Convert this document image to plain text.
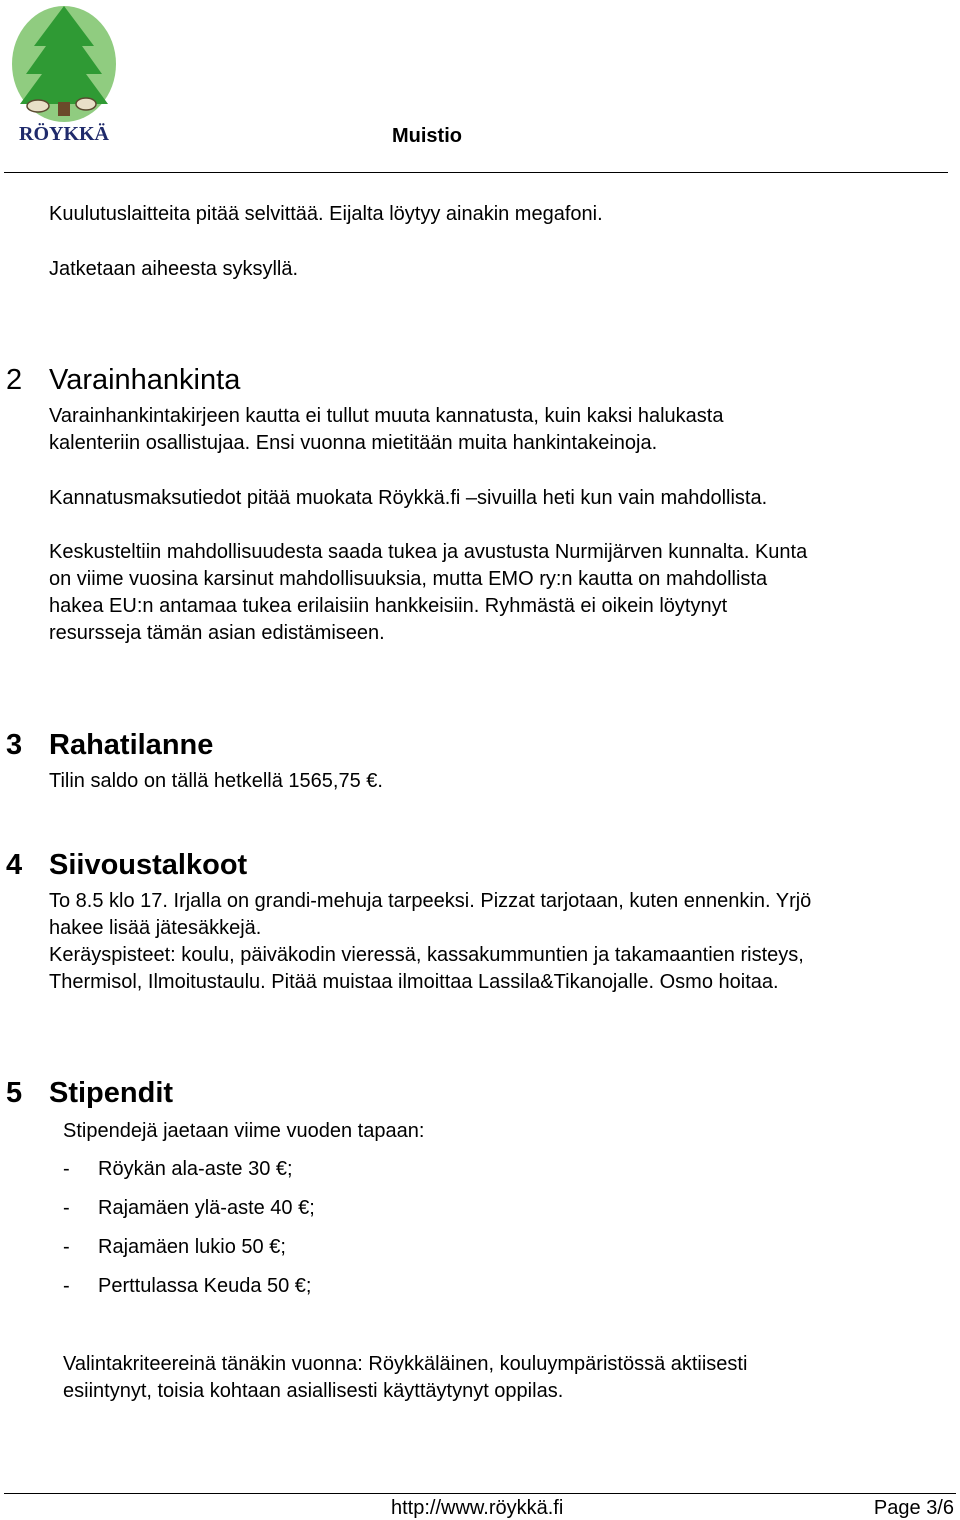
RÖYKKÄ	Muistio

Kuulutuslaitteita pitää selvittää. Eijalta löytyy ainakin megafoni.

Jatketaan aiheesta syksyllä.

2 Varainhankinta

Varainhankintakirjeen kautta ei tullut muuta kannatusta, kuin kaksi halukasta

kalenteriin osallistujaa. Ensi vuonna mietitään muita hankintakeinoja.

Kannatusmaksutiedot pitää muokata Röykkä.fi –sivuilla heti kun vain mahdollista.

Keskusteltiin mahdollisuudesta saada tukea ja avustusta Nurmijärven kunnalta. Kunta

on viime vuosina karsinut mahdollisuuksia, mutta EMO ry:n kautta on mahdollista

hakea EU:n antamaa tukea erilaisiin hankkeisiin. Ryhmästä ei oikein löytynyt

resursseja tämän asian edistämiseen.

3 Rahatilanne

Tilin saldo on tällä hetkellä 1565,75 €.

4 Siivoustalkoot

To 8.5 klo 17. Irjalla on grandi-mehuja tarpeeksi. Pizzat tarjotaan, kuten ennenkin. Yrjö

hakee lisää jätesäkkejä.

Keräyspisteet: koulu, päiväkodin vieressä, kassakummuntien ja takamaantien risteys,

Thermisol, Ilmoitustaulu. Pitää muistaa ilmoittaa Lassila&Tikanojalle. Osmo hoitaa.

5 Stipendit

Stipendejä jaetaan viime vuoden tapaan:

- Röykän ala-aste 30 €;

- Rajamäen ylä-aste 40 €;

- Rajamäen lukio 50 €;

- Perttulassa Keuda 50 €;

Valintakriteereinä tänäkin vuonna: Röykkäläinen, kouluympäristössä aktiisesti

esiintynyt, toisia kohtaan asiallisesti käyttäytynyt oppilas.

http://www.röykkä.fi	Page 3/6
